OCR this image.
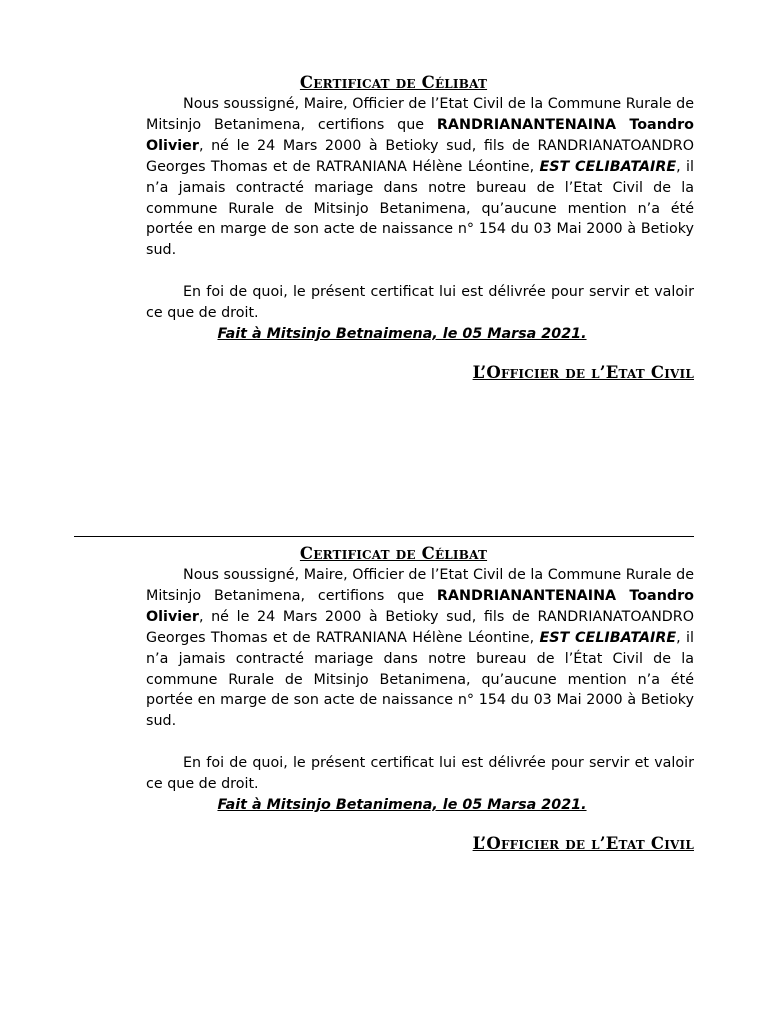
Certificat de Célibat

Nous soussigné, Maire, Officier de l’Etat Civil de la Commune Rurale de Mitsinjo Betanimena, certifions que RANDRIANANTENAINA Toandro Olivier, né le 24 Mars 2000 à Betioky sud, fils de RANDRIANATOANDRO Georges Thomas et de RATRANIANA Hélène Léontine, EST CELIBATAIRE, il n’a jamais contracté mariage dans notre bureau de l’Etat Civil de la commune Rurale de Mitsinjo Betanimena, qu’aucune mention n’a été portée en marge de son acte de naissance n° 154 du 03 Mai 2000 à Betioky sud.

En foi de quoi, le présent certificat lui est délivrée pour servir et valoir ce que de droit.

Fait à Mitsinjo Betnaimena, le 05 Marsa 2021.
L’Officier de l’Etat Civil
Certificat de Célibat

Nous soussigné, Maire, Officier de l’Etat Civil de la Commune Rurale de Mitsinjo Betanimena, certifions que RANDRIANANTENAINA Toandro Olivier, né le 24 Mars 2000 à Betioky sud, fils de RANDRIANATOANDRO Georges Thomas et de RATRANIANA Hélène Léontine, EST CELIBATAIRE, il n’a jamais contracté mariage dans notre bureau de l’État Civil de la commune Rurale de Mitsinjo Betanimena, qu’aucune mention n’a été portée en marge de son acte de naissance n° 154 du 03 Mai 2000 à Betioky sud.

En foi de quoi, le présent certificat lui est délivrée pour servir et valoir ce que de droit.

Fait à Mitsinjo Betanimena, le 05 Marsa 2021.
L’Officier de l’Etat Civil
